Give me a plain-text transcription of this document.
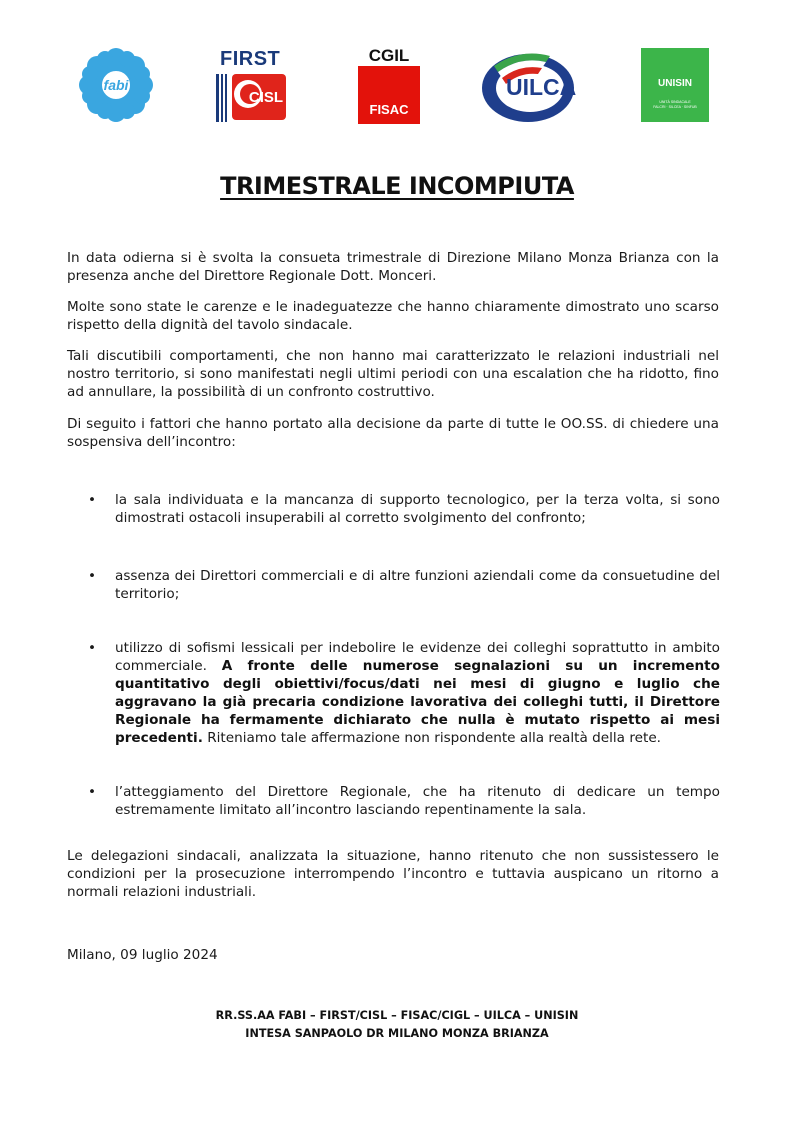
fabi
FIRST
CISL
CGIL
FISAC
UILCA	UNISIN
UNITÀ SINDACALE
FALCRI · SILCEA · SINFUB
TRIMESTRALE INCOMPIUTA

In data odierna si è svolta la consueta trimestrale di Direzione Milano Monza Brianza con la presenza anche del Direttore Regionale Dott. Monceri.

Molte sono state le carenze e le inadeguatezze che hanno chiaramente dimostrato uno scarso rispetto della dignità del tavolo sindacale.

Tali discutibili comportamenti, che non hanno mai caratterizzato le relazioni industriali nel nostro territorio, si sono manifestati negli ultimi periodi con una escalation che ha ridotto, fino ad annullare, la possibilità di un confronto costruttivo.

Di seguito i fattori che hanno portato alla decisione da parte di tutte le OO.SS. di chiedere una sospensiva dell’incontro:

•	la sala individuata e la mancanza di supporto tecnologico, per la terza volta, si sono dimostrati ostacoli insuperabili al corretto svolgimento del confronto;
•	assenza dei Direttori commerciali e di altre funzioni aziendali come da consuetudine del territorio;
•	utilizzo di sofismi lessicali per indebolire le evidenze dei colleghi soprattutto in ambito commerciale. A fronte delle numerose segnalazioni su un incremento quantitativo degli obiettivi/focus/dati nei mesi di giugno e luglio che aggravano la già precaria condizione lavorativa dei colleghi tutti, il Direttore Regionale ha fermamente dichiarato che nulla è mutato rispetto ai mesi precedenti. Riteniamo tale affermazione non rispondente alla realtà della rete.
•	l’atteggiamento del Direttore Regionale, che ha ritenuto di dedicare un tempo estremamente limitato all’incontro lasciando repentinamente la sala.

Le delegazioni sindacali, analizzata la situazione, hanno ritenuto che non sussistessero le condizioni per la prosecuzione interrompendo l’incontro e tuttavia auspicano un ritorno a normali relazioni industriali.

Milano, 09 luglio 2024
RR.SS.AA FABI – FIRST/CISL – FISAC/CIGL – UILCA – UNISIN
INTESA SANPAOLO DR MILANO MONZA BRIANZA
